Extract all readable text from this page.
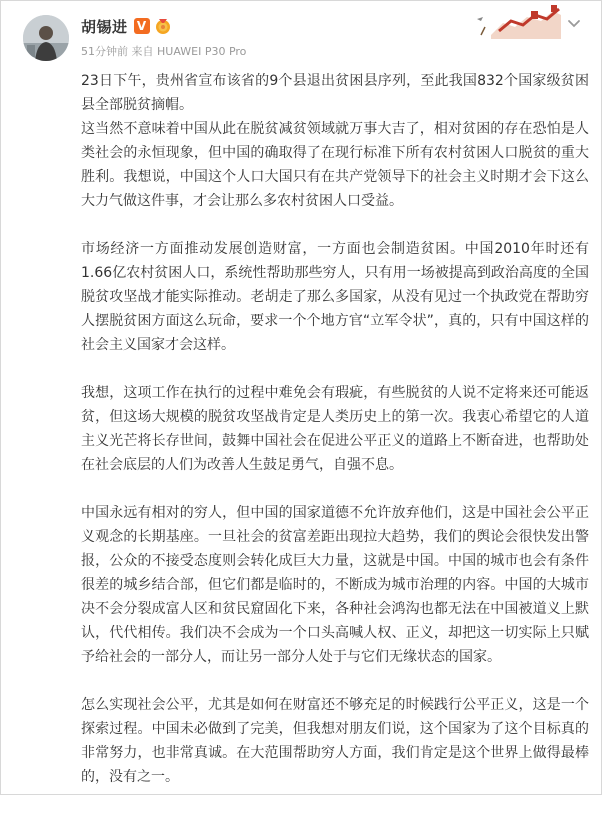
胡锡进 V
51分钟前 来自 HUAWEI P30 Pro

23日下午，贵州省宣布该省的9个县退出贫困县序列，至此我国832个国家级贫困县全部脱贫摘帽。

这当然不意味着中国从此在脱贫减贫领域就万事大吉了，相对贫困的存在恐怕是人类社会的永恒现象，但中国的确取得了在现行标准下所有农村贫困人口脱贫的重大胜利。我想说，中国这个人口大国只有在共产党领导下的社会主义时期才会下这么大力气做这件事，才会让那么多农村贫困人口受益。

市场经济一方面推动发展创造财富，一方面也会制造贫困。中国2010年时还有1.66亿农村贫困人口，系统性帮助那些穷人，只有用一场被提高到政治高度的全国脱贫攻坚战才能实际推动。老胡走了那么多国家，从没有见过一个执政党在帮助穷人摆脱贫困方面这么玩命，要求一个个地方官“立军令状”，真的，只有中国这样的社会主义国家才会这样。

我想，这项工作在执行的过程中难免会有瑕疵，有些脱贫的人说不定将来还可能返贫，但这场大规模的脱贫攻坚战肯定是人类历史上的第一次。我衷心希望它的人道主义光芒将长存世间，鼓舞中国社会在促进公平正义的道路上不断奋进，也帮助处在社会底层的人们为改善人生鼓足勇气，自强不息。

中国永远有相对的穷人，但中国的国家道德不允许放弃他们，这是中国社会公平正义观念的长期基座。一旦社会的贫富差距出现拉大趋势，我们的舆论会很快发出警报，公众的不接受态度则会转化成巨大力量，这就是中国。中国的城市也会有条件很差的城乡结合部，但它们都是临时的，不断成为城市治理的内容。中国的大城市决不会分裂成富人区和贫民窟固化下来，各种社会鸿沟也都无法在中国被道义上默认，代代相传。我们决不会成为一个口头高喊人权、正义，却把这一切实际上只赋予给社会的一部分人，而让另一部分人处于与它们无缘状态的国家。

怎么实现社会公平，尤其是如何在财富还不够充足的时候践行公平正义，这是一个探索过程。中国未必做到了完美，但我想对朋友们说，这个国家为了这个目标真的非常努力，也非常真诚。在大范围帮助穷人方面，我们肯定是这个世界上做得最棒的，没有之一。
